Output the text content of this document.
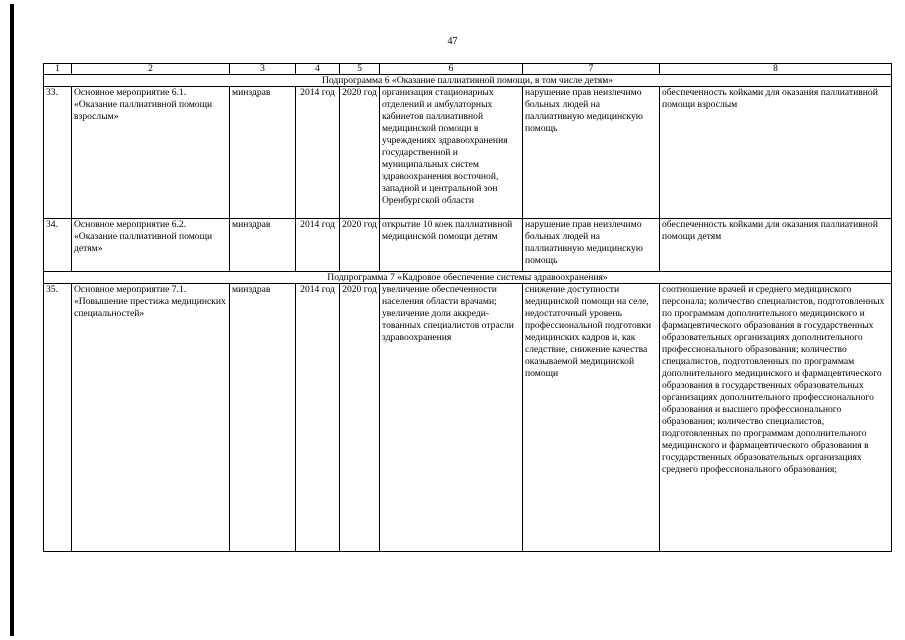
47
1	2	3	4	5	6	7	8
Подпрограмма 6 «Оказание паллиативной помощи, в том числе детям»							
33.	Основное мероприятие 6.1. «Оказание паллиативной помощи взрослым»	минздрав	2014 год	2020 год	организация стационарных отделений и амбулаторных кабинетов паллиативной медицинской помощи в учреждениях здравоохранения государственной и муниципальных систем здравоохранения восточной, западной и центральной зон Оренбургской области	нарушение прав неизлечимо больных людей на паллиативную медицинскую помощь	обеспеченность койками для оказания паллиативной помощи взрослым
34.	Основное мероприятие 6.2. «Оказание паллиативной помощи детям»	минздрав	2014 год	2020 год	открытие 10 коек паллиативной медицинской помощи детям	нарушение прав неизлечимо больных людей на паллиативную медицинскую помощь	обеспеченность койками для оказания паллиативной помощи детям
Подпрограмма 7 «Кадровое обеспечение системы здравоохранения»							
35.	Основное мероприятие 7.1. «Повышение престижа медицинских специальностей»	минздрав	2014 год	2020 год	увеличение обеспеченности населения области врачами; увеличение доли аккредитованных специалистов отрасли здравоохранения	снижение доступности медицинской помощи на селе, недостаточный уровень профессиональной подготовки медицинских кадров и, как следствие, снижение качества оказываемой медицинской помощи	соотношение врачей и среднего медицинского персонала; количество специалистов, подготовленных по программам дополнительного медицинского и фармацевтического образования в государственных образовательных организациях дополнительного профессионального образования; количество специалистов, подготовленных по программам дополнительного медицинского и фармацевтического образования в государственных образовательных организациях дополнительного профессионального образования и высшего профессионального образования; количество специалистов, подготовленных по программам дополнительного медицинского и фармацевтического образования в государственных образовательных организациях среднего профессионального образования;
